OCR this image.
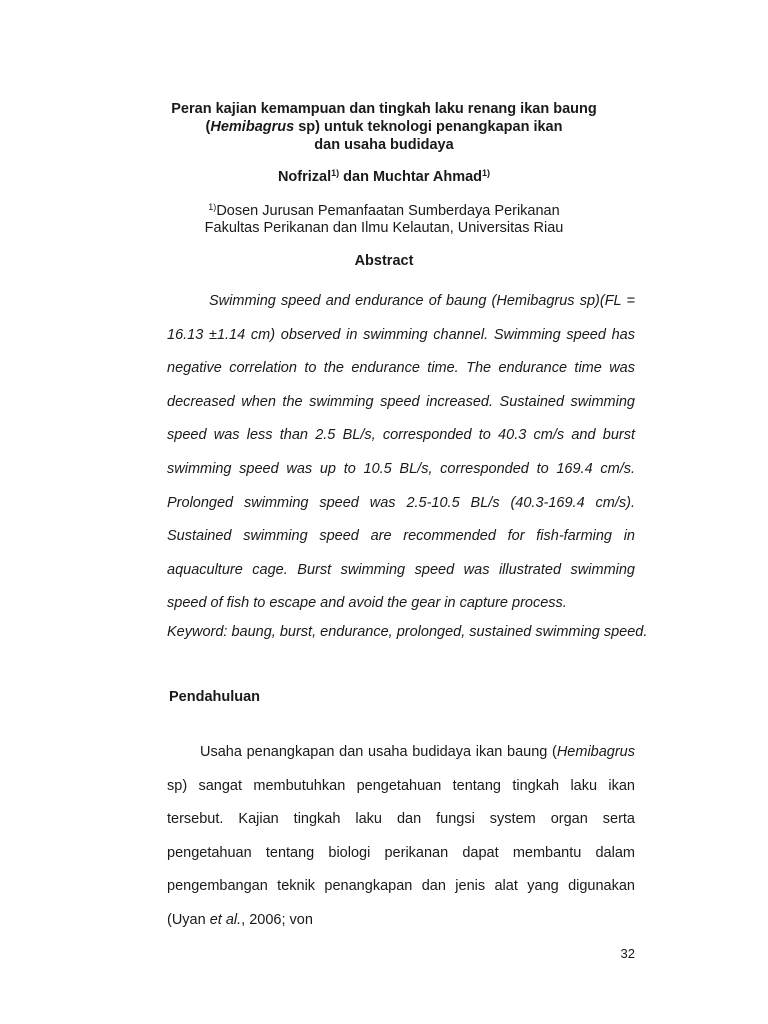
Peran kajian kemampuan dan tingkah laku renang ikan baung
(Hemibagrus sp) untuk teknologi penangkapan ikan
dan usaha budidaya
Nofrizal$^{1)}$ dan Muchtar Ahmad$^{1)}$
$^{1)}$Dosen Jurusan Pemanfaatan Sumberdaya Perikanan
Fakultas Perikanan dan Ilmu Kelautan, Universitas Riau
Abstract

Swimming speed and endurance of baung (Hemibagrus sp)(FL = 16.13 ±1.14 cm) observed in swimming channel. Swimming speed has negative correlation to the endurance time. The endurance time was decreased when the swimming speed increased. Sustained swimming speed was less than 2.5 BL/s, corresponded to 40.3 cm/s and burst swimming speed was up to 10.5 BL/s, corresponded to 169.4 cm/s. Prolonged swimming speed was 2.5-10.5 BL/s (40.3-169.4 cm/s). Sustained swimming speed are recommended for fish-farming in aquaculture cage. Burst swimming speed was illustrated swimming speed of fish to escape and avoid the gear in capture process.

Keyword: baung, burst, endurance, prolonged, sustained swimming speed.
Pendahuluan

Usaha penangkapan dan usaha budidaya ikan baung (Hemibagrus sp) sangat membutuhkan pengetahuan tentang tingkah laku ikan tersebut. Kajian tingkah laku dan fungsi system organ serta pengetahuan tentang biologi perikanan dapat membantu dalam pengembangan teknik penangkapan dan jenis alat yang digunakan (Uyan et al., 2006; von

32
